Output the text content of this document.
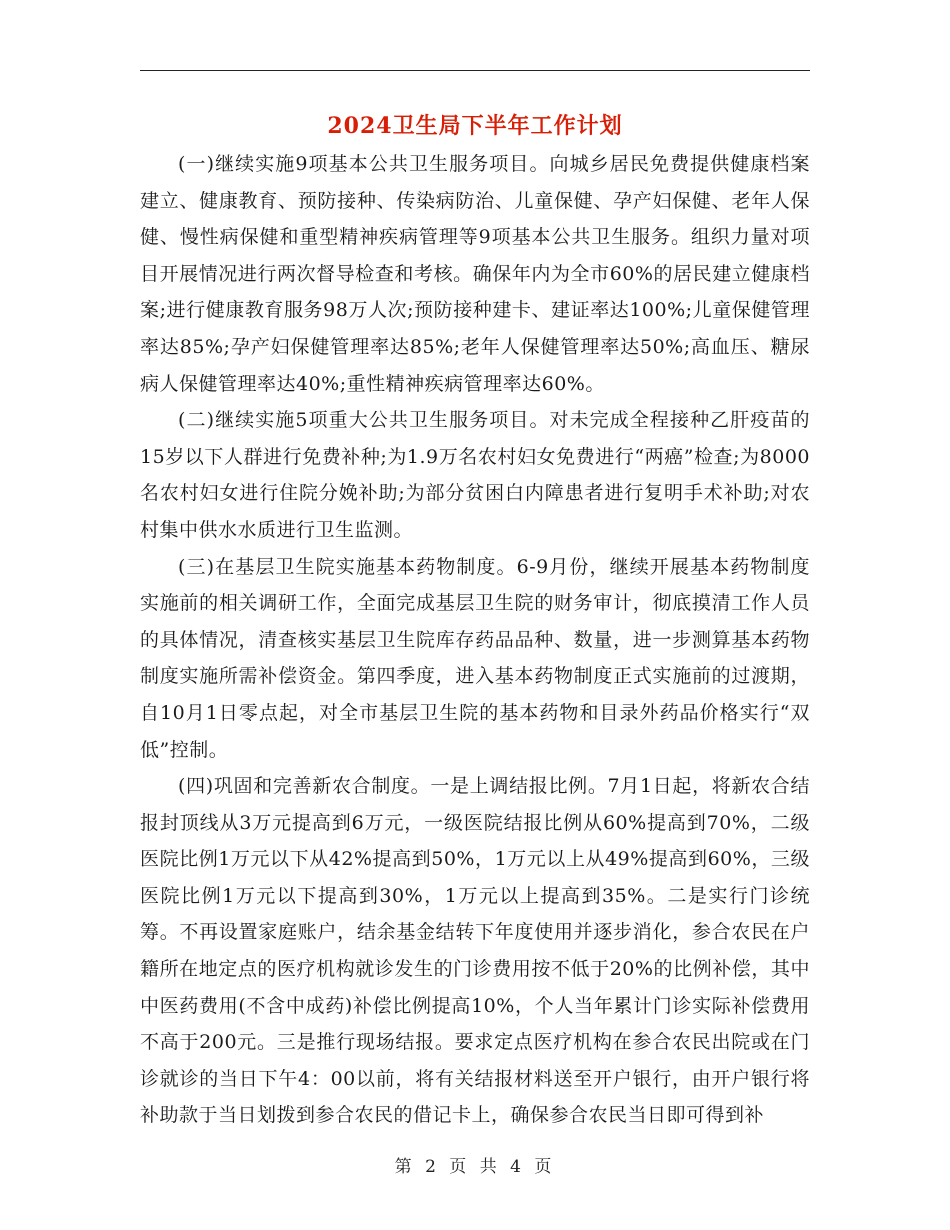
2024卫生局下半年工作计划

(一)继续实施9项基本公共卫生服务项目。向城乡居民免费提供健康档案建立、健康教育、预防接种、传染病防治、儿童保健、孕产妇保健、老年人保健、慢性病保健和重型精神疾病管理等9项基本公共卫生服务。组织力量对项目开展情况进行两次督导检查和考核。确保年内为全市60%的居民建立健康档案;进行健康教育服务98万人次;预防接种建卡、建证率达100%;儿童保健管理率达85%;孕产妇保健管理率达85%;老年人保健管理率达50%;高血压、糖尿病人保健管理率达40%;重性精神疾病管理率达60%。

(二)继续实施5项重大公共卫生服务项目。对未完成全程接种乙肝疫苗的15岁以下人群进行免费补种;为1.9万名农村妇女免费进行“两癌”检查;为8000名农村妇女进行住院分娩补助;为部分贫困白内障患者进行复明手术补助;对农村集中供水水质进行卫生监测。

(三)在基层卫生院实施基本药物制度。6-9月份，继续开展基本药物制度实施前的相关调研工作，全面完成基层卫生院的财务审计，彻底摸清工作人员的具体情况，清查核实基层卫生院库存药品品种、数量，进一步测算基本药物制度实施所需补偿资金。第四季度，进入基本药物制度正式实施前的过渡期，自10月1日零点起，对全市基层卫生院的基本药物和目录外药品价格实行“双低”控制。

(四)巩固和完善新农合制度。一是上调结报比例。7月1日起，将新农合结报封顶线从3万元提高到6万元，一级医院结报比例从60%提高到70%，二级医院比例1万元以下从42%提高到50%，1万元以上从49%提高到60%，三级医院比例1万元以下提高到30%，1万元以上提高到35%。二是实行门诊统筹。不再设置家庭账户，结余基金结转下年度使用并逐步消化，参合农民在户籍所在地定点的医疗机构就诊发生的门诊费用按不低于20%的比例补偿，其中中医药费用(不含中成药)补偿比例提高10%，个人当年累计门诊实际补偿费用不高于200元。三是推行现场结报。要求定点医疗机构在参合农民出院或在门诊就诊的当日下午4：00以前，将有关结报材料送至开户银行，由开户银行将补助款于当日划拨到参合农民的借记卡上，确保参合农民当日即可得到补

第 2 页 共 4 页
